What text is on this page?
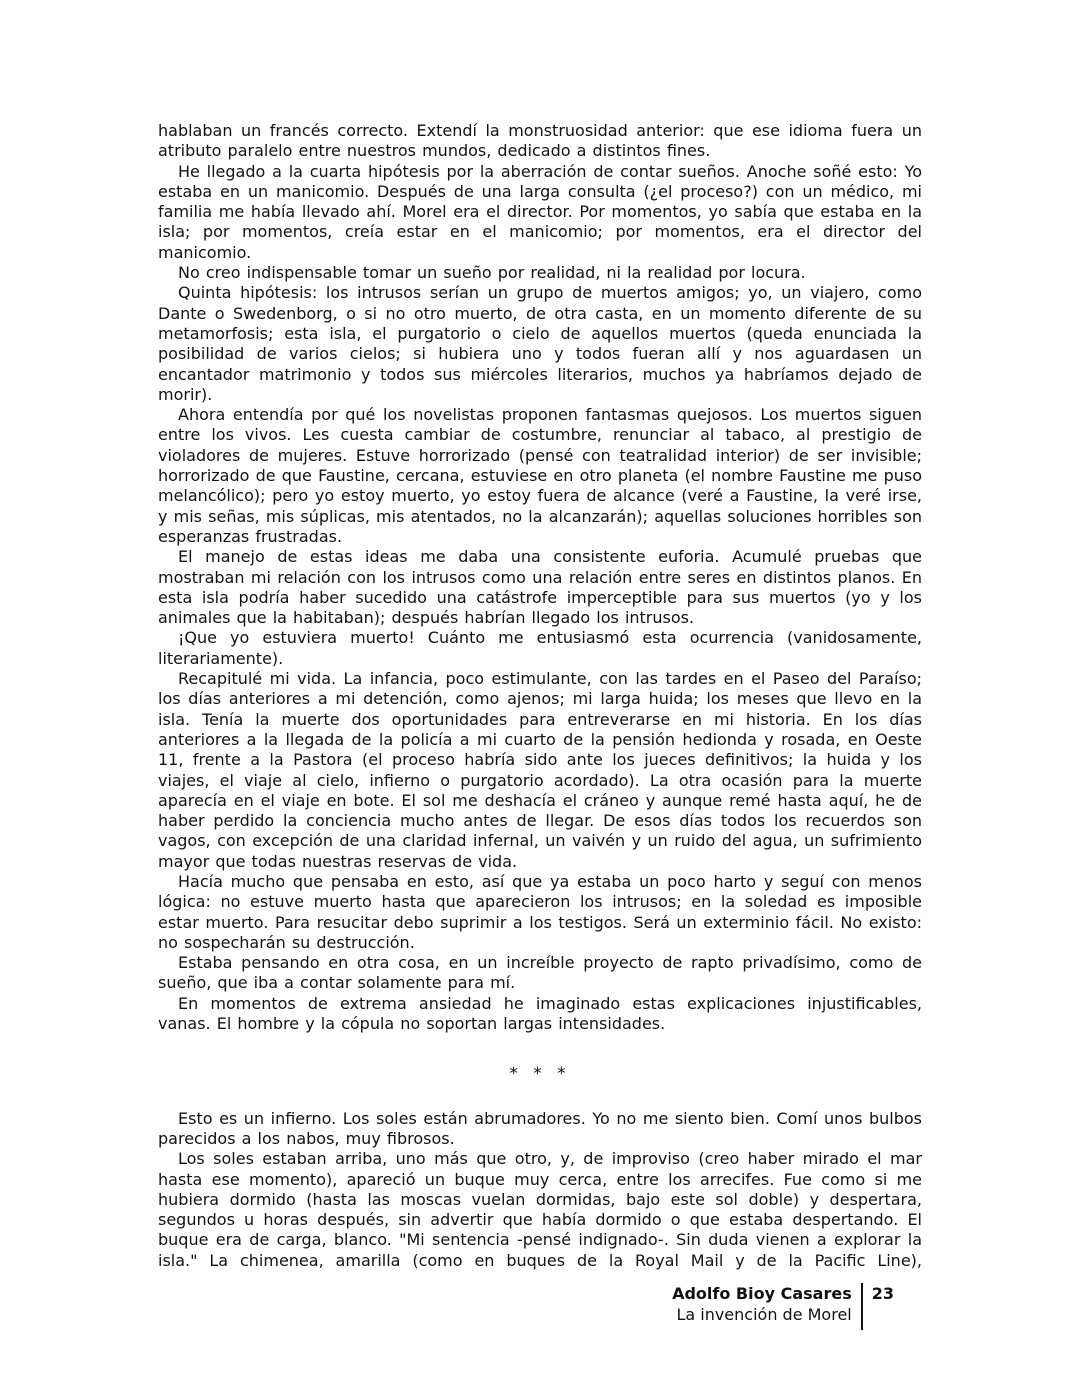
hablaban un francés correcto. Extendí la monstruosidad anterior: que ese idioma fuera un atributo paralelo entre nuestros mundos, dedicado a distintos fines.

He llegado a la cuarta hipótesis por la aberración de contar sueños. Anoche soñé esto: Yo estaba en un manicomio. Después de una larga consulta (¿el proceso?) con un médico, mi familia me había llevado ahí. Morel era el director. Por momentos, yo sabía que estaba en la isla; por momentos, creía estar en el manicomio; por momentos, era el director del manicomio.

No creo indispensable tomar un sueño por realidad, ni la realidad por locura.

Quinta hipótesis: los intrusos serían un grupo de muertos amigos; yo, un viajero, como Dante o Swedenborg, o si no otro muerto, de otra casta, en un momento diferente de su metamorfosis; esta isla, el purgatorio o cielo de aquellos muertos (queda enunciada la posibilidad de varios cielos; si hubiera uno y todos fueran allí y nos aguardasen un encantador matrimonio y todos sus miércoles literarios, muchos ya habríamos dejado de morir).

Ahora entendía por qué los novelistas proponen fantasmas quejosos. Los muertos siguen entre los vivos. Les cuesta cambiar de costumbre, renunciar al tabaco, al prestigio de violadores de mujeres. Estuve horrorizado (pensé con teatralidad interior) de ser invisible; horrorizado de que Faustine, cercana, estuviese en otro planeta (el nombre Faustine me puso melancólico); pero yo estoy muerto, yo estoy fuera de alcance (veré a Faustine, la veré irse, y mis señas, mis súplicas, mis atentados, no la alcanzarán); aquellas soluciones horribles son esperanzas frustradas.

El manejo de estas ideas me daba una consistente euforia. Acumulé pruebas que mostraban mi relación con los intrusos como una relación entre seres en distintos planos. En esta isla podría haber sucedido una catástrofe imperceptible para sus muertos (yo y los animales que la habitaban); después habrían llegado los intrusos.

¡Que yo estuviera muerto! Cuánto me entusiasmó esta ocurrencia (vanidosamente, literariamente).

Recapitulé mi vida. La infancia, poco estimulante, con las tardes en el Paseo del Paraíso; los días anteriores a mi detención, como ajenos; mi larga huida; los meses que llevo en la isla. Tenía la muerte dos oportunidades para entreverarse en mi historia. En los días anteriores a la llegada de la policía a mi cuarto de la pensión hedionda y rosada, en Oeste 11, frente a la Pastora (el proceso habría sido ante los jueces definitivos; la huida y los viajes, el viaje al cielo, infierno o purgatorio acordado). La otra ocasión para la muerte aparecía en el viaje en bote. El sol me deshacía el cráneo y aunque remé hasta aquí, he de haber perdido la conciencia mucho antes de llegar. De esos días todos los recuerdos son vagos, con excepción de una claridad infernal, un vaivén y un ruido del agua, un sufrimiento mayor que todas nuestras reservas de vida.

Hacía mucho que pensaba en esto, así que ya estaba un poco harto y seguí con menos lógica: no estuve muerto hasta que aparecieron los intrusos; en la soledad es imposible estar muerto. Para resucitar debo suprimir a los testigos. Será un exterminio fácil. No existo: no sospecharán su destrucción.

Estaba pensando en otra cosa, en un increíble proyecto de rapto privadísimo, como de sueño, que iba a contar solamente para mí.

En momentos de extrema ansiedad he imaginado estas explicaciones injustificables, vanas. El hombre y la cópula no soportan largas intensidades.

* * *

Esto es un infierno. Los soles están abrumadores. Yo no me siento bien. Comí unos bulbos parecidos a los nabos, muy fibrosos.

Los soles estaban arriba, uno más que otro, y, de improviso (creo haber mirado el mar hasta ese momento), apareció un buque muy cerca, entre los arrecifes. Fue como si me hubiera dormido (hasta las moscas vuelan dormidas, bajo este sol doble) y despertara, segundos u horas después, sin advertir que había dormido o que estaba despertando. El buque era de carga, blanco. "Mi sentencia -pensé indignado-. Sin duda vienen a explorar la isla." La chimenea, amarilla (como en buques de la Royal Mail y de la Pacific Line),

Adolfo Bioy Casares
La invención de Morel
23
